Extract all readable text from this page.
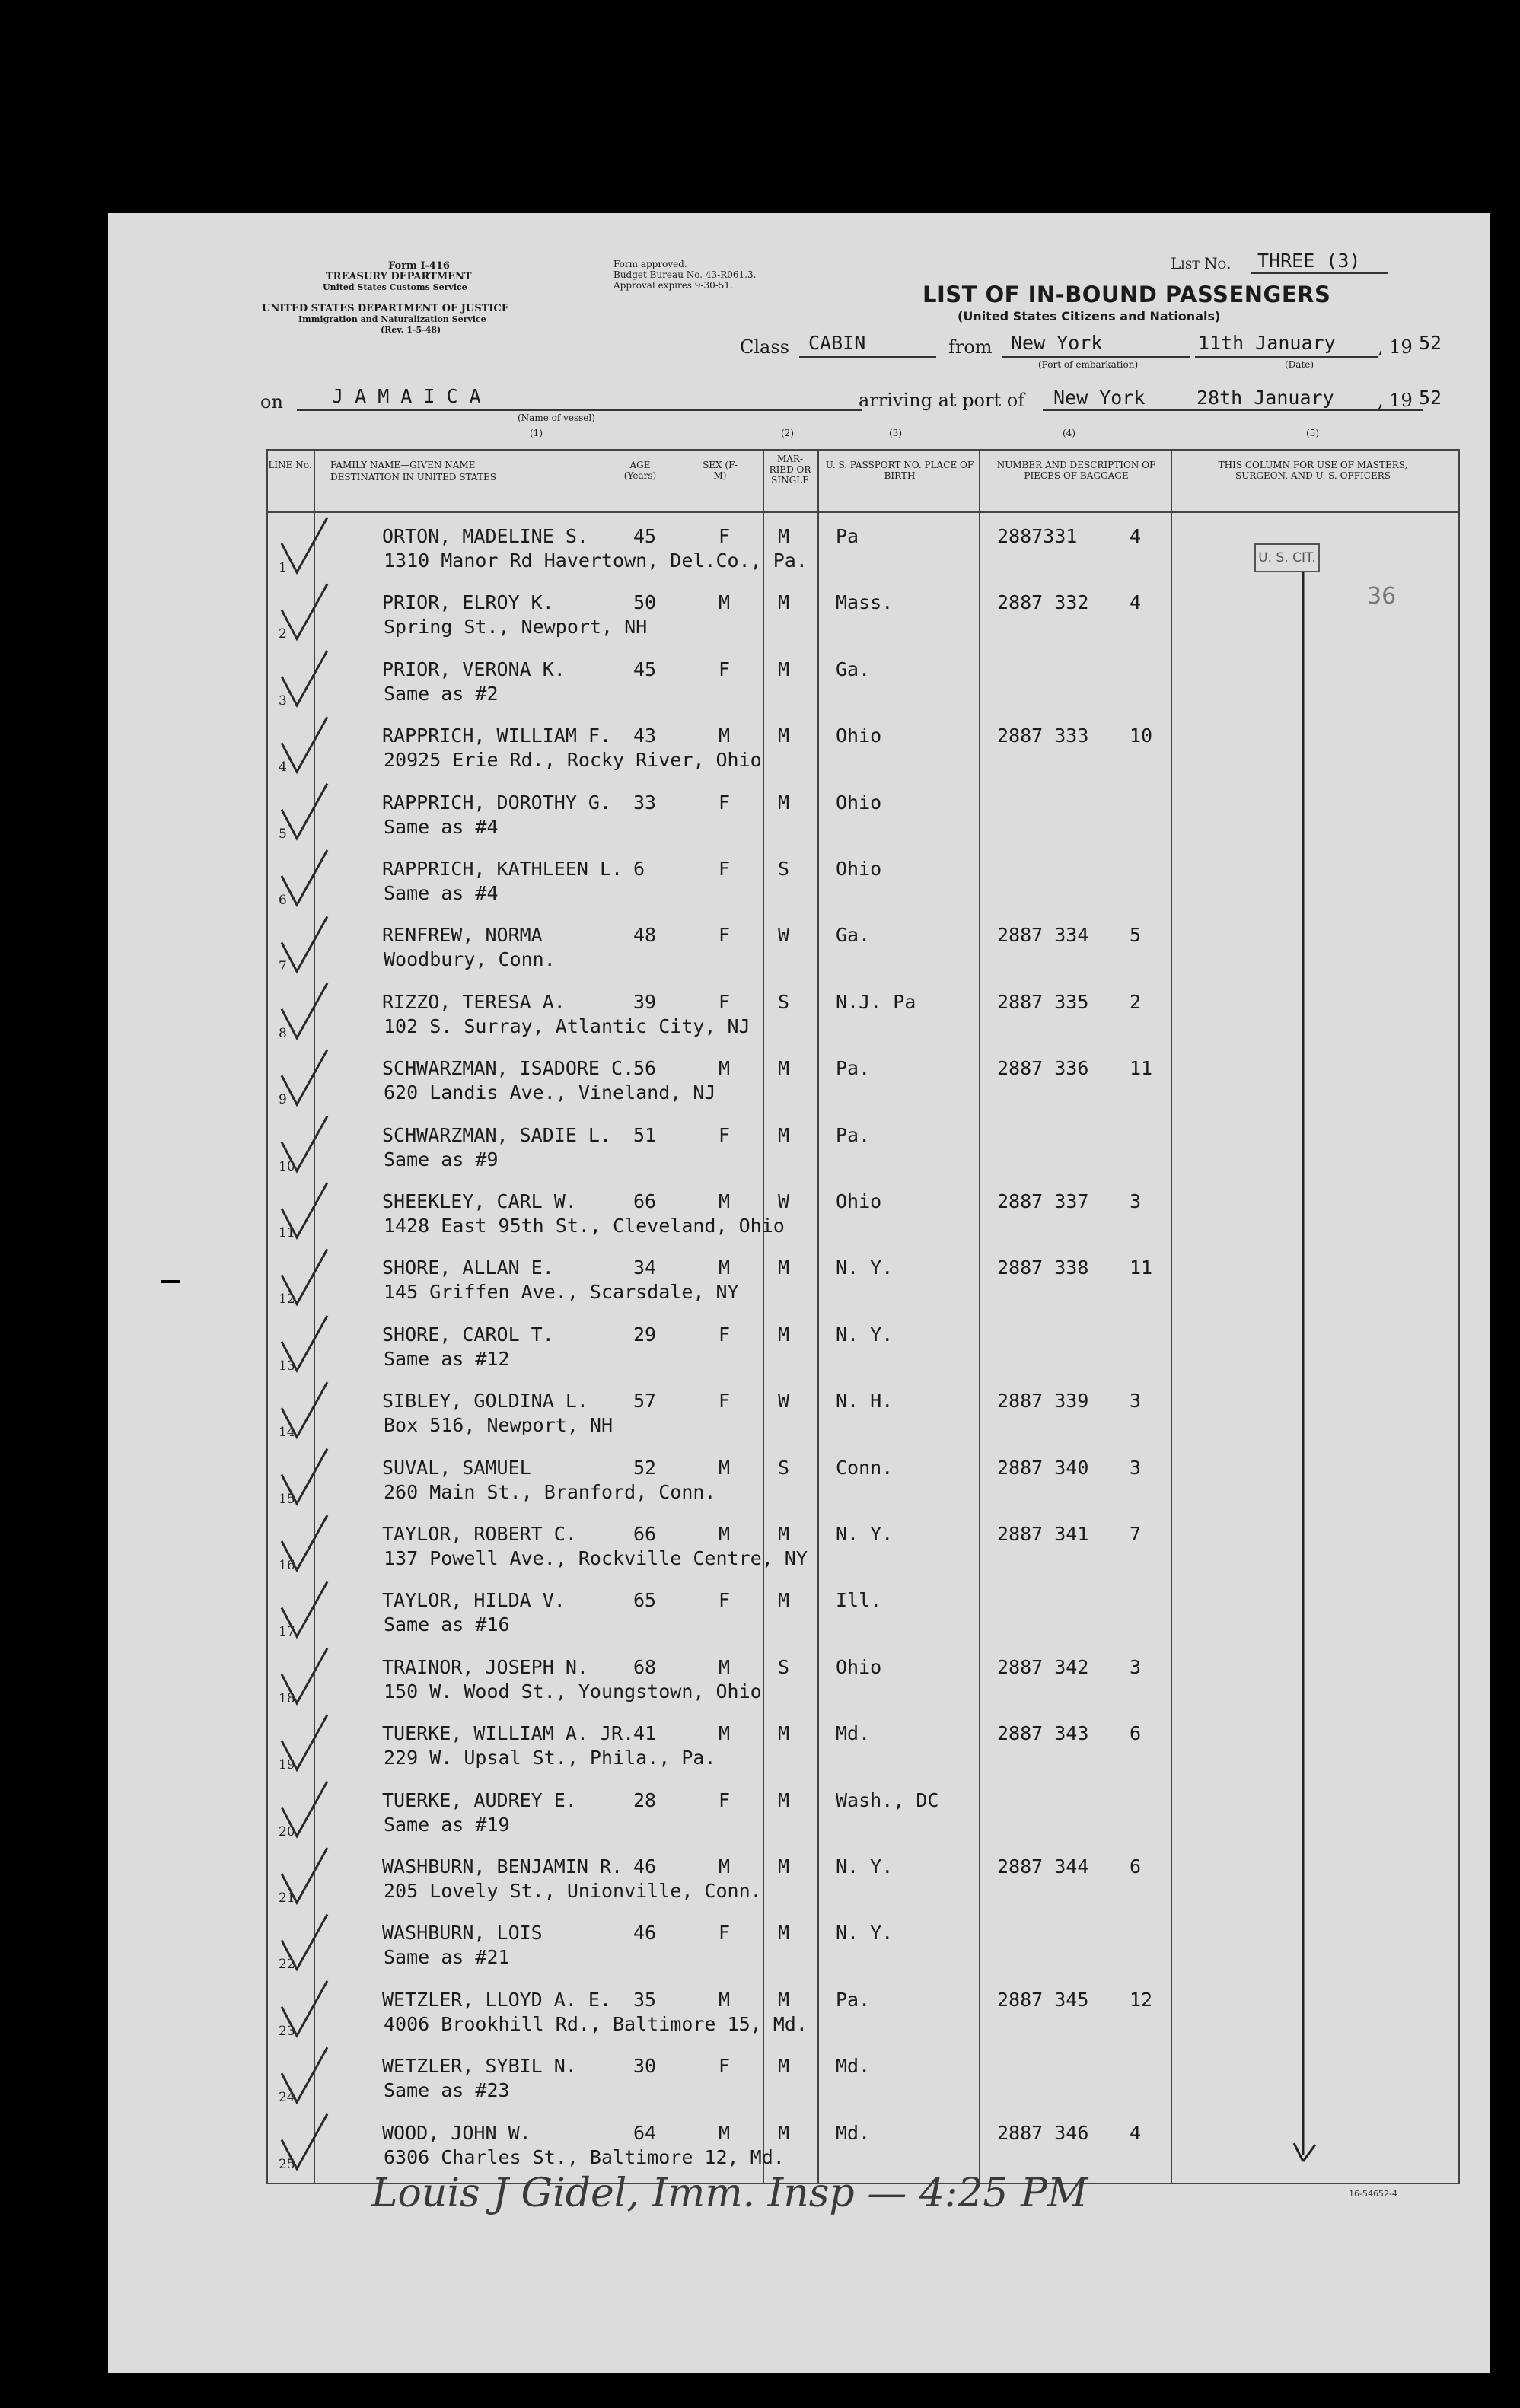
Form I-416
TREASURY DEPARTMENT
United States Customs Service
UNITED STATES DEPARTMENT OF JUSTICE
Immigration and Naturalization Service
(Rev. 1-5-48)
Form approved.
Budget Bureau No. 43-R061.3.
Approval expires 9-30-51.
List No. THREE (3)
LIST OF IN-BOUND PASSENGERS
(United States Citizens and Nationals)
Class CABIN	from New York
(Port of embarkation)
11th January
(Date)
, 19 52
on	J A M A I C A
(Name of vessel)
arriving at port of New York	28th January , 19 52
(1)	(2)	(3)	(4)	(5)
LINE No. FAMILY NAME—GIVEN NAME
DESTINATION IN UNITED STATES
AGE (Years)
SEX (F-M)
MAR-RIED OR SINGLE
U. S. PASSPORT NO. PLACE OF BIRTH
NUMBER AND DESCRIPTION OF PIECES OF BAGGAGE
THIS COLUMN FOR USE OF MASTERS, SURGEON, AND U. S. OFFICERS
1
ORTON, MADELINE S. 45	F	M Pa	2887331	4
1310 Manor Rd Havertown, Del.Co., Pa.
2
PRIOR, ELROY K.	50	M	M Mass.	2887 332 4
Spring St., Newport, NH
3
PRIOR, VERONA K.	45	F	M Ga.
Same as #2
4
RAPPRICH, WILLIAM F. 43	M	M Ohio	2887 333 10
20925 Erie Rd., Rocky River, Ohio
5
RAPPRICH, DOROTHY G. 33	F	M Ohio
Same as #4
6
RAPPRICH, KATHLEEN L. 6	F	S Ohio
Same as #4
7
RENFREW, NORMA	48	F	W Ga.	2887 334 5
Woodbury, Conn.
8
RIZZO, TERESA A.	39	F	S N.J. Pa	2887 335 2
102 S. Surray, Atlantic City, NJ
9
SCHWARZMAN, ISADORE C.
56	M	M Pa.	2887 336 11
620 Landis Ave., Vineland, NJ
10
SCHWARZMAN, SADIE L. 51	F	M Pa.
Same as #9
11
SHEEKLEY, CARL W.	66	M	W Ohio	2887 337 3
1428 East 95th St., Cleveland, Ohio
12
SHORE, ALLAN E.	34	M	M N. Y.	2887 338 11
145 Griffen Ave., Scarsdale, NY
13
SHORE, CAROL T.	29	F	M N. Y.
Same as #12
14
SIBLEY, GOLDINA L. 57	F	W N. H.	2887 339 3
Box 516, Newport, NH
15
SUVAL, SAMUEL	52	M	S Conn.	2887 340 3
260 Main St., Branford, Conn.
16
TAYLOR, ROBERT C.	66	M	M N. Y.	2887 341 7
137 Powell Ave., Rockville Centre, NY
17
TAYLOR, HILDA V.	65	F	M Ill.
Same as #16
18
TRAINOR, JOSEPH N. 68	M	S Ohio	2887 342 3
150 W. Wood St., Youngstown, Ohio
19
TUERKE, WILLIAM A. JR.
41	M	M Md.	2887 343 6
229 W. Upsal St., Phila., Pa.
20
TUERKE, AUDREY E.	28	F	M Wash., DC
Same as #19
21
WASHBURN, BENJAMIN R. 46	M	M N. Y.	2887 344 6
205 Lovely St., Unionville, Conn.
22
WASHBURN, LOIS	46	F	M N. Y.
Same as #21
23
WETZLER, LLOYD A. E. 35	M	M Pa.	2887 345 12
4006 Brookhill Rd., Baltimore 15, Md.
24
WETZLER, SYBIL N.	30	F	M Md.
Same as #23
25
WOOD, JOHN W.	64	M	M Md.	2887 346 4
6306 Charles St., Baltimore 12, Md.
U. S. CIT.
36
Louis J Gidel, Imm. Insp — 4:25 PM	16-54652-4
